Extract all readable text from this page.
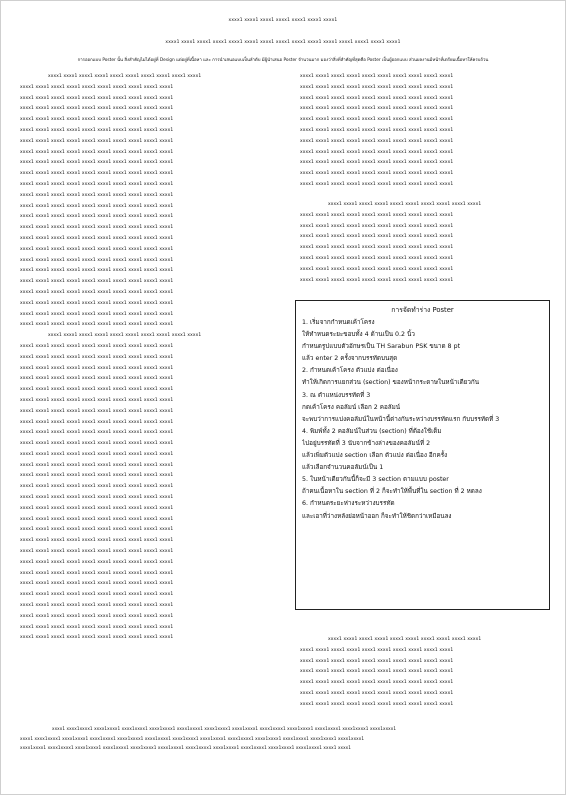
xxxx1 xxxx1 xxxx1 xxxx1 xxxx1 xxxx1 xxxx1
xxxx1 xxxx1 xxxx1 xxxx1 xxxx1 xxxx1 xxxx1 xxxx1 xxxx1 xxxx1 xxxx1 xxxx1 xxxx1 xxxx1 xxxx1
การออกแบบ Poster นั้น สิ่งสำคัญไม่ได้อยู่ที่ Design แต่อยู่ที่เนื้อหา และ การนำเสนอแบบเป็นลำดับ มีผู้นำเสนอ Poster จำนวนมาก มองว่าสิ่งที่สำคัญที่สุดคือ Poster เป็นผู้ออกแบบ ส่วนผลงานมีหน้าที่เตรียมเนื้อหาให้ครบถ้วน
xxxx1 xxxx1 xxxx1 xxxx1 xxxx1 xxxx1 xxxx1 xxxx1 xxxx1 xxxx1
xxxx1 xxxx1 xxxx1 xxxx1 xxxx1 xxxx1 xxxx1 xxxx1 xxxx1 xxxx1
xxxx1 xxxx1 xxxx1 xxxx1 xxxx1 xxxx1 xxxx1 xxxx1 xxxx1 xxxx1
xxxx1 xxxx1 xxxx1 xxxx1 xxxx1 xxxx1 xxxx1 xxxx1 xxxx1 xxxx1
xxxx1 xxxx1 xxxx1 xxxx1 xxxx1 xxxx1 xxxx1 xxxx1 xxxx1 xxxx1
xxxx1 xxxx1 xxxx1 xxxx1 xxxx1 xxxx1 xxxx1 xxxx1 xxxx1 xxxx1
xxxx1 xxxx1 xxxx1 xxxx1 xxxx1 xxxx1 xxxx1 xxxx1 xxxx1 xxxx1
xxxx1 xxxx1 xxxx1 xxxx1 xxxx1 xxxx1 xxxx1 xxxx1 xxxx1 xxxx1
xxxx1 xxxx1 xxxx1 xxxx1 xxxx1 xxxx1 xxxx1 xxxx1 xxxx1 xxxx1
xxxx1 xxxx1 xxxx1 xxxx1 xxxx1 xxxx1 xxxx1 xxxx1 xxxx1 xxxx1
xxxx1 xxxx1 xxxx1 xxxx1 xxxx1 xxxx1 xxxx1 xxxx1 xxxx1 xxxx1
xxxx1 xxxx1 xxxx1 xxxx1 xxxx1 xxxx1 xxxx1 xxxx1 xxxx1 xxxx1
xxxx1 xxxx1 xxxx1 xxxx1 xxxx1 xxxx1 xxxx1 xxxx1 xxxx1 xxxx1
xxxx1 xxxx1 xxxx1 xxxx1 xxxx1 xxxx1 xxxx1 xxxx1 xxxx1 xxxx1
xxxx1 xxxx1 xxxx1 xxxx1 xxxx1 xxxx1 xxxx1 xxxx1 xxxx1 xxxx1
xxxx1 xxxx1 xxxx1 xxxx1 xxxx1 xxxx1 xxxx1 xxxx1 xxxx1 xxxx1
xxxx1 xxxx1 xxxx1 xxxx1 xxxx1 xxxx1 xxxx1 xxxx1 xxxx1 xxxx1
xxxx1 xxxx1 xxxx1 xxxx1 xxxx1 xxxx1 xxxx1 xxxx1 xxxx1 xxxx1
xxxx1 xxxx1 xxxx1 xxxx1 xxxx1 xxxx1 xxxx1 xxxx1 xxxx1 xxxx1
xxxx1 xxxx1 xxxx1 xxxx1 xxxx1 xxxx1 xxxx1 xxxx1 xxxx1 xxxx1
xxxx1 xxxx1 xxxx1 xxxx1 xxxx1 xxxx1 xxxx1 xxxx1 xxxx1 xxxx1
xxxx1 xxxx1 xxxx1 xxxx1 xxxx1 xxxx1 xxxx1 xxxx1 xxxx1 xxxx1
xxxx1 xxxx1 xxxx1 xxxx1 xxxx1 xxxx1 xxxx1 xxxx1 xxxx1 xxxx1
xxxx1 xxxx1 xxxx1 xxxx1 xxxx1 xxxx1 xxxx1 xxxx1 xxxx1 xxxx1
xxxx1 xxxx1 xxxx1 xxxx1 xxxx1 xxxx1 xxxx1 xxxx1 xxxx1 xxxx1
xxxx1 xxxx1 xxxx1 xxxx1 xxxx1 xxxx1 xxxx1 xxxx1 xxxx1 xxxx1
xxxx1 xxxx1 xxxx1 xxxx1 xxxx1 xxxx1 xxxx1 xxxx1 xxxx1 xxxx1
xxxx1 xxxx1 xxxx1 xxxx1 xxxx1 xxxx1 xxxx1 xxxx1 xxxx1 xxxx1
xxxx1 xxxx1 xxxx1 xxxx1 xxxx1 xxxx1 xxxx1 xxxx1 xxxx1 xxxx1
xxxx1 xxxx1 xxxx1 xxxx1 xxxx1 xxxx1 xxxx1 xxxx1 xxxx1 xxxx1
xxxx1 xxxx1 xxxx1 xxxx1 xxxx1 xxxx1 xxxx1 xxxx1 xxxx1 xxxx1
xxxx1 xxxx1 xxxx1 xxxx1 xxxx1 xxxx1 xxxx1 xxxx1 xxxx1 xxxx1
xxxx1 xxxx1 xxxx1 xxxx1 xxxx1 xxxx1 xxxx1 xxxx1 xxxx1 xxxx1
xxxx1 xxxx1 xxxx1 xxxx1 xxxx1 xxxx1 xxxx1 xxxx1 xxxx1 xxxx1
xxxx1 xxxx1 xxxx1 xxxx1 xxxx1 xxxx1 xxxx1 xxxx1 xxxx1 xxxx1
xxxx1 xxxx1 xxxx1 xxxx1 xxxx1 xxxx1 xxxx1 xxxx1 xxxx1 xxxx1
xxxx1 xxxx1 xxxx1 xxxx1 xxxx1 xxxx1 xxxx1 xxxx1 xxxx1 xxxx1
xxxx1 xxxx1 xxxx1 xxxx1 xxxx1 xxxx1 xxxx1 xxxx1 xxxx1 xxxx1
xxxx1 xxxx1 xxxx1 xxxx1 xxxx1 xxxx1 xxxx1 xxxx1 xxxx1 xxxx1
xxxx1 xxxx1 xxxx1 xxxx1 xxxx1 xxxx1 xxxx1 xxxx1 xxxx1 xxxx1
xxxx1 xxxx1 xxxx1 xxxx1 xxxx1 xxxx1 xxxx1 xxxx1 xxxx1 xxxx1
xxxx1 xxxx1 xxxx1 xxxx1 xxxx1 xxxx1 xxxx1 xxxx1 xxxx1 xxxx1
xxxx1 xxxx1 xxxx1 xxxx1 xxxx1 xxxx1 xxxx1 xxxx1 xxxx1 xxxx1
xxxx1 xxxx1 xxxx1 xxxx1 xxxx1 xxxx1 xxxx1 xxxx1 xxxx1 xxxx1
xxxx1 xxxx1 xxxx1 xxxx1 xxxx1 xxxx1 xxxx1 xxxx1 xxxx1 xxxx1
xxxx1 xxxx1 xxxx1 xxxx1 xxxx1 xxxx1 xxxx1 xxxx1 xxxx1 xxxx1
xxxx1 xxxx1 xxxx1 xxxx1 xxxx1 xxxx1 xxxx1 xxxx1 xxxx1 xxxx1
xxxx1 xxxx1 xxxx1 xxxx1 xxxx1 xxxx1 xxxx1 xxxx1 xxxx1 xxxx1
xxxx1 xxxx1 xxxx1 xxxx1 xxxx1 xxxx1 xxxx1 xxxx1 xxxx1 xxxx1
xxxx1 xxxx1 xxxx1 xxxx1 xxxx1 xxxx1 xxxx1 xxxx1 xxxx1 xxxx1
xxxx1 xxxx1 xxxx1 xxxx1 xxxx1 xxxx1 xxxx1 xxxx1 xxxx1 xxxx1
xxxx1 xxxx1 xxxx1 xxxx1 xxxx1 xxxx1 xxxx1 xxxx1 xxxx1 xxxx1
xxxx1 xxxx1 xxxx1 xxxx1 xxxx1 xxxx1 xxxx1 xxxx1 xxxx1 xxxx1
xxxx1 xxxx1 xxxx1 xxxx1 xxxx1 xxxx1 xxxx1 xxxx1 xxxx1 xxxx1
xxxx1 xxxx1 xxxx1 xxxx1 xxxx1 xxxx1 xxxx1 xxxx1 xxxx1 xxxx1
xxxx1 xxxx1 xxxx1 xxxx1 xxxx1 xxxx1 xxxx1 xxxx1 xxxx1 xxxx1
xxxx1 xxxx1 xxxx1 xxxx1 xxxx1 xxxx1 xxxx1 xxxx1 xxxx1 xxxx1
xxxx1 xxxx1 xxxx1 xxxx1 xxxx1 xxxx1 xxxx1 xxxx1 xxxx1 xxxx1
xxxx1 xxxx1 xxxx1 xxxx1 xxxx1 xxxx1 xxxx1 xxxx1 xxxx1 xxxx1
xxxx1 xxxx1 xxxx1 xxxx1 xxxx1 xxxx1 xxxx1 xxxx1 xxxx1 xxxx1
xxxx1 xxxx1 xxxx1 xxxx1 xxxx1 xxxx1 xxxx1 xxxx1 xxxx1 xxxx1
xxxx1 xxxx1 xxxx1 xxxx1 xxxx1 xxxx1 xxxx1 xxxx1 xxxx1 xxxx1
xxxx1 xxxx1 xxxx1 xxxx1 xxxx1 xxxx1 xxxx1 xxxx1 xxxx1 xxxx1
xxxx1 xxxx1 xxxx1 xxxx1 xxxx1 xxxx1 xxxx1 xxxx1 xxxx1 xxxx1
xxxx1 xxxx1 xxxx1 xxxx1 xxxx1 xxxx1 xxxx1 xxxx1 xxxx1 xxxx1
xxxx1 xxxx1 xxxx1 xxxx1 xxxx1 xxxx1 xxxx1 xxxx1 xxxx1 xxxx1
xxxx1 xxxx1 xxxx1 xxxx1 xxxx1 xxxx1 xxxx1 xxxx1 xxxx1 xxxx1
xxxx1 xxxx1 xxxx1 xxxx1 xxxx1 xxxx1 xxxx1 xxxx1 xxxx1 xxxx1
xxxx1 xxxx1 xxxx1 xxxx1 xxxx1 xxxx1 xxxx1 xxxx1 xxxx1 xxxx1
xxxx1 xxxx1 xxxx1 xxxx1 xxxx1 xxxx1 xxxx1 xxxx1 xxxx1 xxxx1
xxxx1 xxxx1 xxxx1 xxxx1 xxxx1 xxxx1 xxxx1 xxxx1 xxxx1 xxxx1
xxxx1 xxxx1 xxxx1 xxxx1 xxxx1 xxxx1 xxxx1 xxxx1 xxxx1 xxxx1
xxxx1 xxxx1 xxxx1 xxxx1 xxxx1 xxxx1 xxxx1 xxxx1 xxxx1 xxxx1
xxxx1 xxxx1 xxxx1 xxxx1 xxxx1 xxxx1 xxxx1 xxxx1 xxxx1 xxxx1
xxxx1 xxxx1 xxxx1 xxxx1 xxxx1 xxxx1 xxxx1 xxxx1 xxxx1 xxxx1
xxxx1 xxxx1 xxxx1 xxxx1 xxxx1 xxxx1 xxxx1 xxxx1 xxxx1 xxxx1
xxxx1 xxxx1 xxxx1 xxxx1 xxxx1 xxxx1 xxxx1 xxxx1 xxxx1 xxxx1
xxxx1 xxxx1 xxxx1 xxxx1 xxxx1 xxxx1 xxxx1 xxxx1 xxxx1 xxxx1
xxxx1 xxxx1 xxxx1 xxxx1 xxxx1 xxxx1 xxxx1 xxxx1 xxxx1 xxxx1
การจัดทำร่าง Poster
1. เริ่มจากกำหนดเค้าโครง
ให้ทำหนดระยะขอบทั้ง 4 ด้านเป็น 0.2 นิ้ว
กำหนดรูปแบบตัวอักษรเป็น TH Sarabun PSK ขนาด 8 pt
แล้ว enter 2 ครั้งจากบรรทัดบนสุด
2. กำหนดเค้าโครง ตัวแบ่ง ต่อเนื่อง
ทำให้เกิดการแยกส่วน (section) ของหน้ากระดาษในหน้าเดียวกัน
3. ณ ตำแหน่งบรรทัดที่ 3
กดเค้าโครง คอลัมน์ เลือก 2 คอลัมน์
จะพบว่าการแบ่งคอลัมน์ในหน้านี้ต่างกันระหว่างบรรทัดแรก กับบรรทัดที่ 3
4. พิมพ์ทั้ง 2 คอลัมน์ในส่วน (section) ที่ต้องใช้เต็ม
ไปอยู่บรรทัดที่ 3 นับจากข้างล่างของคอลัมน์ที่ 2
แล้วเพิ่มตัวแบ่ง section เลือก ตัวแบ่ง ต่อเนื่อง อีกครั้ง
แล้วเลือกจำนวนคอลัมน์เป็น 1
5. ในหน้าเดียวกันนี้ก็จะมี 3 section ตามแบบ poster
ถ้าคนเนื้อหาใน section ที่ 2 ก็จะทำให้พื้นที่ใน section ที่ 2 หดลง
6. กำหนดระยะห่างระหว่างบรรทัด
และเอาที่ว่างหลังย่อหน้าออก ก็จะทำให้ชิดกว่าเหมือนลง
xxxx1 xxxx1xxxx1 xxxx1xxxx1 xxxx1xxxx1 xxxx1xxxx1 xxxx1xxxx1 xxxx1xxxx1 xxxx1xxxx1 xxxx1xxxx1 xxxx1xxxx1 xxxx1xxxx1 xxxx1xxxx1 xxxx1xxxx1
xxxx1 xxxx1xxxx1 xxxx1xxxx1 xxxx1xxxx1 xxxx1xxxx1 xxxx1xxxx1 xxxx1xxxx1 xxxx1xxxx1 xxxx1xxxx1 xxxx1xxxx1 xxxx1xxxx1 xxxx1xxxx1 xxxx1xxxx1
xxxx1xxxx1 xxxx1xxxx1 xxxx1xxxx1 xxxx1xxxx1 xxxx1xxxx1 xxxx1xxxx1 xxxx1xxxx1 xxxx1xxxx1 xxxx1xxxx1 xxxx1xxxx1 xxxx1xxxx1 xxxx1 xxxx1
